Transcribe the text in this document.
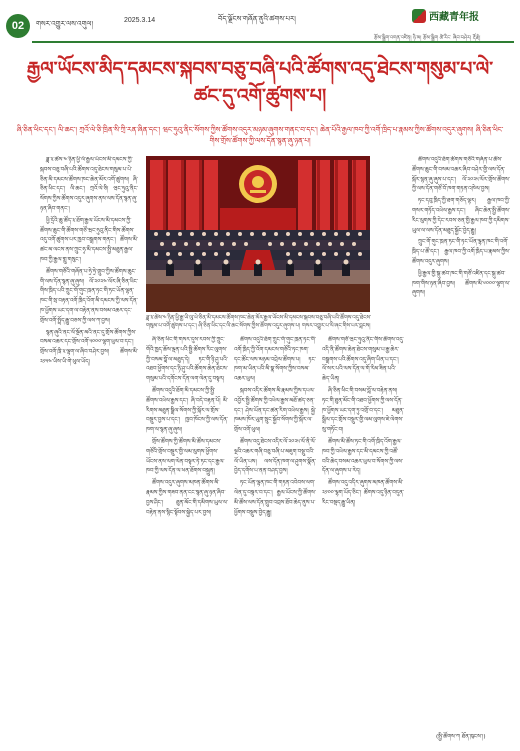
02	གསར་འགྱུར་ལས་འགུལ།	2025.3.14	བོད་ལྗོངས་གཞོན་ནུའི་ཚགས་པར།	西藏青年报
རྩོམ་སྒྲིག་འགན་འཛིན། ཉི་མ། རྩོམ་སྒྲིག ཚེ་རིང་ ཞིབ་བཤེར། རྡོ་རྗེ།
རྒྱལ་ཡོངས་མིད་དམངས་སྐབས་བཅུ་བཞི་པའི་ཚོགས་འདུ་ཐེངས་གསུམ་པ་ལེ་ཚང་དུ་འགོ་ཚུགས་པ།
ཞི་ཅིན་ཕིང་དང་། ལི་ཆང་། ཀྲའོ་ལེ་ཅི་ཁྲིན་སི་ཀྲི་རན་ཞིན་དང་། ཝང་ཧུའུ་ནིང་སོགས་ཀྱིས་ཚོགས་འདུར་མཉམ་ཞུགས་གནང་བ་དང་། ཆེན་པོའི་རྒྱལ་ཁབ་ཀྱི་འགོ་ཁྲིད་པ་རྣམས་ཀྱིས་ཚོགས་འདུར་ཞུགས། ཞི་ཅིན་ཕིང་གིས་གྲོས་ཚོགས་ཀྱི་ལས་དོན་སྙན་ཞུ་ཉན་པ།
ཟླ་༣་ཚེས་༤་ཉིན་ཕྱི་རྒྱ་ཡི་ལུ་ཕེ་ཅིན་མི་དམངས་ཚོགས་ཁང་ཆེན་མོར་རྒྱལ་ཡོངས་མི་དམངས་སྐབས་བཅུ་བཞི་པའི་ཚོགས་འདུ་ཐེངས་གསུམ་པ་འགོ་ཚུགས་པ་དང་། ཞི་ཅིན་ཕིང་དང་ལི་ཆང་སོགས་ཀྱིས་ཚོགས་འདུར་ཞུགས་པ། གསར་འགྱུར་པ་ལི་ཞང་གིས་པར་བླངས།

ཟླ་༣་ཚེས་༤་ཉིན་ཕྱི་ལོ་རྒྱལ་ཡོངས་མི་དམངས་ཀྱི་སྐབས་བཅུ་བཞི་པའི་ཚོགས་འདུ་ཐེངས་གསུམ་པ་པེ་ཅིན་མི་དམངས་ཚོགས་ཁང་ཆེན་མོར་འགོ་ཚུགས། ཞི་ཅིན་ཕིང་དང་། ལི་ཆང་། ཀྲའོ་ལེ་ཅི། ཝང་ཧུའུ་ནིང་སོགས་ཀྱིས་ཚོགས་འདུར་ཞུགས་ནས་ལས་དོན་སྙན་ཞུ་ཉན་ཞིབ་གནང་།

ཕྱི་དྲོའི་ཆུ་ཚོད་༣་ཐོག་རྒྱལ་ཡོངས་མི་དམངས་ཀྱི་ཚོགས་ཆུང་གི་ཚོགས་གཙོ་ཝང་ཧུའུ་ནིང་གིས་ཚོགས་འདུ་འགོ་ཚུགས་པར་ཁྱབ་བསྒྲགས་གནང་། ཚོགས་མི་ཚང་མ་ལངས་ནས་ཀྲུང་ཧྭ་མི་དམངས་སྤྱི་མཐུན་རྒྱལ་ཁབ་ཀྱི་རྒྱལ་གླུ་གསུང་།

ཚོགས་གཙོའི་གཞོན་པ་ཧྲེ་ཧྲེ་གྲུབ་ཀྱིས་ཚོགས་ཆུང་གི་ལས་དོན་སྙན་ཞུ་ཞུས། ལོ་༢༠༢༤་ལོར་ཞི་ཅིན་ཕིང་གིས་ཁྲིད་པའི་ཀྲུང་གོ་གུང་ཁྲན་ཏང་གི་ཏང་ཡོན་ལྷན་ཁང་གི་སྲ་བརྟན་འགོ་ཁྲིད་འོག་མི་དམངས་ཀྱི་ལས་དོན་ཁ་ཕྱོགས་ཡང་དག་ལ་བརྟེན་ནས་བསམ་འཆར་དང་གྲོས་འགོ་སྤྲོད་རྒྱུ་བཅས་ཀྱི་ལས་ཀ་བྱས།

སྙན་ཞུའི་ནང་ལོ་སྔོན་མའི་ནང་དུ་གྲོས་ཚོགས་ཀྱིས་བསམ་འཆར་དང་གྲོས་འགོ་༥༠༠༠་ལྷག་ཕུལ་བ་དང་། གྲོས་འགོ་ཁྲི་༣་ལྷག་ལ་ཞིབ་བཤེར་བྱས། ཚོགས་མི་༢༡༥༤་ཡིས་ཡི་གེ་ཕུལ་ཡོད།

ཞི་ཅིན་ཕིང་གི་གསར་དུས་རབས་ཀྱི་ཀྲུང་གོའི་ཁྱད་ཆོས་ལྡན་པའི་སྤྱི་ཚོགས་རིང་ལུགས་ཀྱི་བསམ་བློ་ལ་མཐུད་དེ། ཏང་གི་ཉི་ཤུ་པའི་འཐབ་ཕྱོགས་དང་ཉི་ཤུ་པའི་ཚོགས་ཆེན་ཐེངས་གསུམ་པའི་དགོངས་དོན་ལག་ལེན་དུ་བསྟར།

ཚོགས་འདུའི་ཐོག་མི་དམངས་ཀྱི་སྤྱི་ཚོགས་འཕེལ་རྒྱས་དང་། ཞི་བདེ་བརྟན་པོ། མི་རིགས་མཐུན་སྒྲིལ་སོགས་ཀྱི་སྐོར་ལ་གྲོས་བསྡུར་བྱས་པ་དང་། ཁྱབ་ཁོངས་ཀྱི་ལས་དོན་ཁག་ལ་སྙན་ཞུ་ཞུས།

གྲོས་ཚོགས་ཀྱི་ཚོགས་མི་ཚོས་དམངས་གཙོའི་གྲོས་བསྡུར་གྱི་ལམ་ལུགས་ཕྱོགས་ཡོངས་ནས་ལག་ལེན་བསྟར་ཏེ་ཏང་དང་རྒྱལ་ཁབ་ཀྱི་ལས་དོན་ལ་ཕན་ཐོགས་བསྐྲུན།

ཚོགས་འདུར་ཞུགས་མཁན་ཚོགས་མི་རྣམས་ཀྱིས་གཟབ་ནན་ངང་སྙན་ཞུ་ཉན་ཞིབ་བྱས་ཤིང་། ཐུན་མོང་གི་དམིགས་ཡུལ་ལ་བརྟེན་ནས་སྙིང་སྟོབས་སྐྱེད་པར་བྱས།

ཚོགས་འདུའི་ཐོག་ཀྲུང་གོ་གུང་ཁྲན་ཏང་གི་འགོ་ཁྲིད་ཀྱི་འོག་དམངས་གཙོའི་ཏང་ཁག་དང་ཚོང་ལས་མཉམ་འབྲེལ་ཚོགས་པ། ཏང་ཁག་མ་ཡིན་པའི་མི་སྣ་སོགས་ཀྱིས་བསམ་འཆར་ཕུལ།

སྐབས་འདིར་ཚོགས་མི་རྣམས་ཀྱིས་དཔལ་འབྱོར་སྤྱི་ཚོགས་ཀྱི་འཕེལ་རྒྱས་མཐོ་ཚད་ཅན་དང་། ཤེས་ཡོན་དང་ཚན་རིག་འཕེལ་རྒྱས། སྐྱེ་ཁམས་ཁོར་ཡུག་སྲུང་སྐྱོབ་སོགས་ཀྱི་སྐོར་ལ་གྲོས་འགོ་ཕུལ།

ཚོགས་འདུ་ཐེངས་འདིར་ལོ་༢༠༢༥་ལོ་ནི་ལོ་ལྔའི་འཆར་གཞི་བཅུ་བཞི་པ་མཇུག་བསྡུ་བའི་ལོ་ཡིན་པས། ལས་དོན་ཁག་ལ་ཤུགས་སྣོན་བྱེད་དགོས་པ་ནན་བཤད་བྱས།

ཏང་ཡོན་ལྷན་ཁང་གི་གཏན་འབེབས་ལག་ལེན་དུ་བསྟར་བ་དང་། རྒྱལ་ཡོངས་ཀྱི་ཚོགས་མི་ཚོས་ལས་དོན་གྲུབ་འབྲས་ཐོབ་ཆེད་ནུས་པ་ཕྱོགས་བསྡུས་བྱེད་རྒྱུ།

ཚོགས་གཙོ་ཝང་ཧུའུ་ནིང་གིས་ཚོགས་འདུ་འདི་ནི་ཚོགས་ཆེན་ཐེངས་གསུམ་པ་རྒྱ་ཆེར་བསྒྲགས་པའི་ཚོགས་འདུ་ཞིག་ཡིན་པ་དང་། ལོ་སར་པའི་ལས་དོན་ལ་གོ་རིམ་ཟིན་པའི་ཆེད་ཡིན།

ཞི་ཅིན་ཕིང་གི་བསམ་བློ་ལ་བརྟེན་ནས། ཏང་གི་ཐུན་མོང་གི་འཐབ་ཕྱོགས་ཀྱི་ལས་དོན་ཁ་ཕྱོགས་ཡང་དག་ཏུ་འགྲོ་བ་དང་། མཐུན་སྒྲིལ་དང་གྲོས་བསྡུར་གྱི་ལམ་ལུགས་ཇེ་ལེགས་སུ་གཏོང་བ།

ཚོགས་མི་ཚོས་ཏང་གི་འགོ་ཁྲིད་འོག་རྒྱལ་ཁབ་ཀྱི་འཕེལ་རྒྱས་དང་མི་དམངས་ཀྱི་འཚོ་བའི་ཆེད་བསམ་འཆར་ཕུལ་བ་སོགས་ཀྱི་ལས་དོན་ལ་ཞུགས་པ་རེད།

ཚོགས་འདུ་འདིར་ཞུགས་མཁན་ཚོགས་མི་༢༡༠༠་ལྷག་ཡོད་ཅིང་། ཚོགས་འདུ་ཉིན་བདུན་རིང་བསྡད་རྒྱུ་ཡིན།

ཚོགས་འདུའི་ཐོག་ཚོགས་གཙོའི་གཞོན་པ་ཚོས་ཚོགས་ཆུང་གི་བསམ་འཆར་ཞིབ་བཤེར་གྱི་ལས་དོན་སྐོར་སྙན་ཞུ་ཞུས་པ་དང་། ལོ་༢༠༢༥་ལོར་གྲོས་ཚོགས་ཀྱི་ལས་དོན་གཙོ་བོ་ཁག་གཏན་འཁེལ་བྱས།

ཏང་དབུ་ཁྲིད་ཀྱི་ཐག་གཅོད་ལྟར། རྒྱལ་ཁབ་ཀྱི་གསར་གཏོད་འཕེལ་རྒྱས་དང་། ཞིང་ཆེན་སྤྱི་ཚོགས་རིང་ལུགས་ཀྱི་དེང་རབས་ཅན་གྱི་རྒྱལ་ཁབ་ཀྱི་དམིགས་ཡུལ་ལ་ལས་དོན་མཐུད་སྐྱོང་བྱེད་རྒྱུ།

ཀྲུང་གོ་གུང་ཁྲན་ཏང་གི་ཏང་ཡོན་ལྷན་ཁང་གི་འགོ་ཁྲིད་པ་ཚོ་དང་། རྒྱལ་ཁབ་ཀྱི་འགོ་ཁྲིད་པ་རྣམས་ཀྱིས་ཚོགས་འདུར་ཞུགས།

ཕྱི་རྒྱལ་གྱི་སྐུ་ཚབ་ཁང་གི་གཙོ་འཛིན་དང་སྐུ་ཚབ་ཁག་གིས་ཉན་ཞིབ་བྱས། ཚོགས་མི་༦༠༠༠་ལྷག་ལ་ཞུགས།

(སྤྱི་ཚོགས་ཀ ཐོན་ཁུངས་།)
